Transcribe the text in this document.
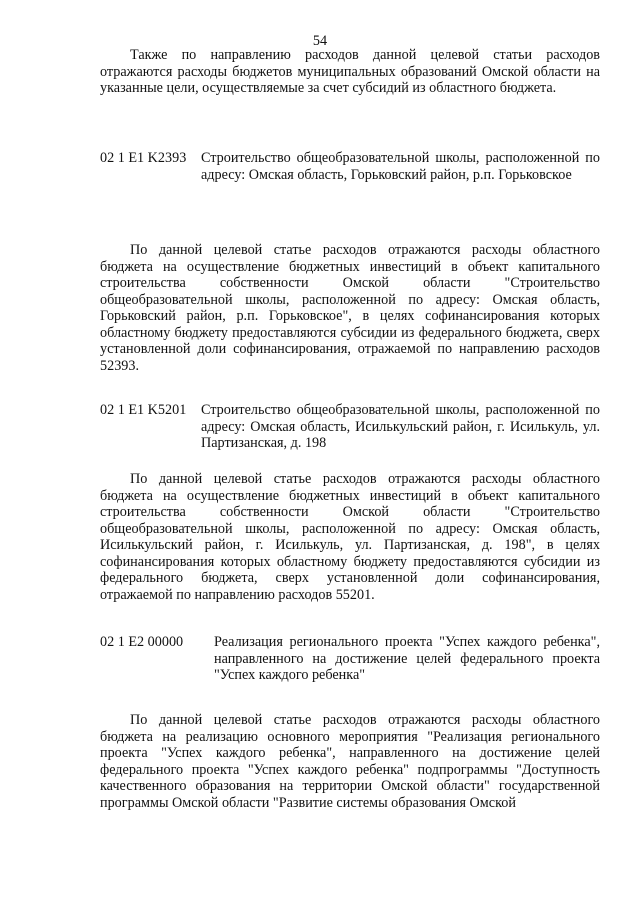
54
Также по направлению расходов данной целевой статьи расходов отражаются расходы бюджетов муниципальных образований Омской области на указанные цели, осуществляемые за счет субсидий из областного бюджета.
02 1 E1 K2393 Строительство общеобразовательной школы, расположенной по адресу: Омская область, Горьковский район, р.п. Горьковское
По данной целевой статье расходов отражаются расходы областного бюджета на осуществление бюджетных инвестиций в объект капитального строительства собственности Омской области "Строительство общеобразовательной школы, расположенной по адресу: Омская область, Горьковский район, р.п. Горьковское", в целях софинансирования которых областному бюджету предоставляются субсидии из федерального бюджета, сверх установленной доли софинансирования, отражаемой по направлению расходов 52393.
02 1 E1 K5201 Строительство общеобразовательной школы, расположенной по адресу: Омская область, Исилькульский район, г. Исилькуль, ул. Партизанская, д. 198
По данной целевой статье расходов отражаются расходы областного бюджета на осуществление бюджетных инвестиций в объект капитального строительства собственности Омской области "Строительство общеобразовательной школы, расположенной по адресу: Омская область, Исилькульский район, г. Исилькуль, ул. Партизанская, д. 198", в целях софинансирования которых областному бюджету предоставляются субсидии из федерального бюджета, сверх установленной доли софинансирования, отражаемой по направлению расходов 55201.
02 1 E2 00000 Реализация регионального проекта "Успех каждого ребенка", направленного на достижение целей федерального проекта "Успех каждого ребенка"
По данной целевой статье расходов отражаются расходы областного бюджета на реализацию основного мероприятия "Реализация регионального проекта "Успех каждого ребенка", направленного на достижение целей федерального проекта "Успех каждого ребенка" подпрограммы "Доступность качественного образования на территории Омской области" государственной программы Омской области "Развитие системы образования Омской
